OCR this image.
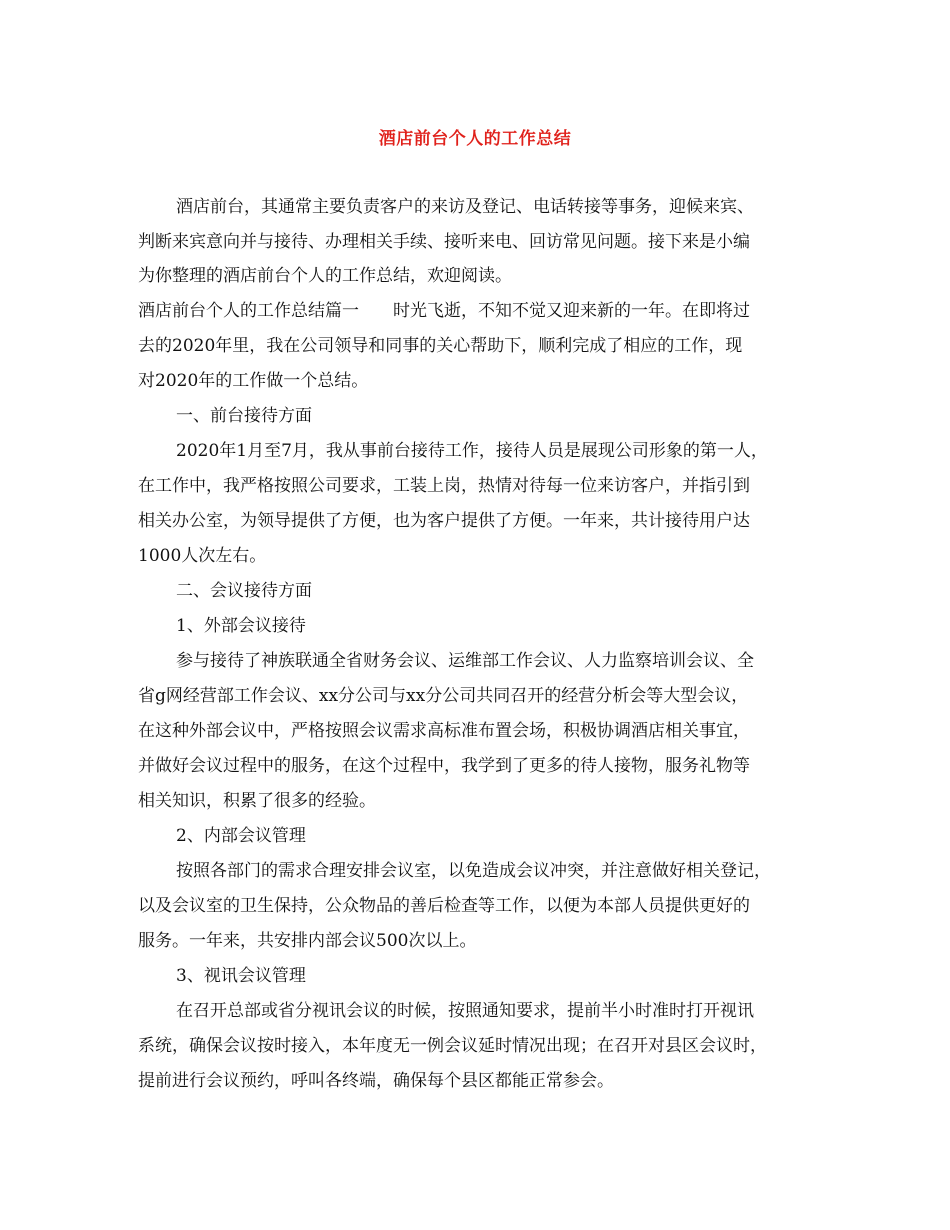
酒店前台个人的工作总结
酒店前台，其通常主要负责客户的来访及登记、电话转接等事务，迎候来宾、
判断来宾意向并与接待、办理相关手续、接听来电、回访常见问题。接下来是小编
为你整理的酒店前台个人的工作总结，欢迎阅读。
酒店前台个人的工作总结篇一　　时光飞逝，不知不觉又迎来新的一年。在即将过
去的2020年里，我在公司领导和同事的关心帮助下，顺利完成了相应的工作，现
对2020年的工作做一个总结。
一、前台接待方面
2020年1月至7月，我从事前台接待工作，接待人员是展现公司形象的第一人，
在工作中，我严格按照公司要求，工装上岗，热情对待每一位来访客户，并指引到
相关办公室，为领导提供了方便，也为客户提供了方便。一年来，共计接待用户达
1000人次左右。
二、会议接待方面
1、外部会议接待
参与接待了神族联通全省财务会议、运维部工作会议、人力监察培训会议、全
省g网经营部工作会议、xx分公司与xx分公司共同召开的经营分析会等大型会议，
在这种外部会议中，严格按照会议需求高标准布置会场，积极协调酒店相关事宜，
并做好会议过程中的服务，在这个过程中，我学到了更多的待人接物，服务礼物等
相关知识，积累了很多的经验。
2、内部会议管理
按照各部门的需求合理安排会议室，以免造成会议冲突，并注意做好相关登记，
以及会议室的卫生保持，公众物品的善后检查等工作，以便为本部人员提供更好的
服务。一年来，共安排内部会议500次以上。
3、视讯会议管理
在召开总部或省分视讯会议的时候，按照通知要求，提前半小时准时打开视讯
系统，确保会议按时接入，本年度无一例会议延时情况出现；在召开对县区会议时，
提前进行会议预约，呼叫各终端，确保每个县区都能正常参会。
